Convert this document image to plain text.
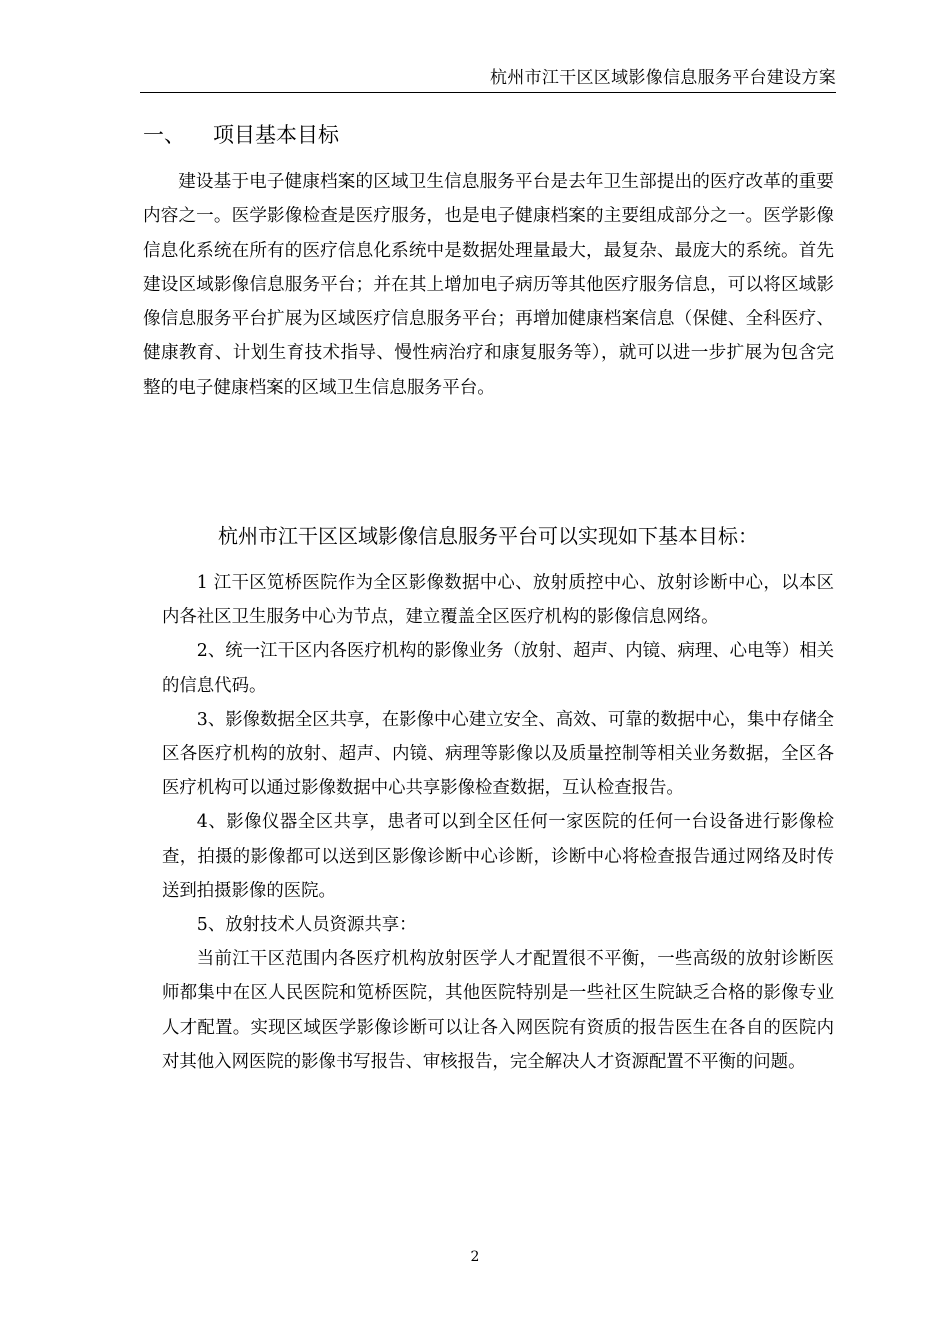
杭州市江干区区域影像信息服务平台建设方案
一、 项目基本目标

建设基于电子健康档案的区域卫生信息服务平台是去年卫生部提出的医疗改革的重要内容之一。医学影像检查是医疗服务，也是电子健康档案的主要组成部分之一。医学影像信息化系统在所有的医疗信息化系统中是数据处理量最大，最复杂、最庞大的系统。首先建设区域影像信息服务平台；并在其上增加电子病历等其他医疗服务信息，可以将区域影像信息服务平台扩展为区域医疗信息服务平台；再增加健康档案信息（保健、全科医疗、健康教育、计划生育技术指导、慢性病治疗和康复服务等），就可以进一步扩展为包含完整的电子健康档案的区域卫生信息服务平台。

杭州市江干区区域影像信息服务平台可以实现如下基本目标：

1 江干区笕桥医院作为全区影像数据中心、放射质控中心、放射诊断中心，以本区内各社区卫生服务中心为节点，建立覆盖全区医疗机构的影像信息网络。

2、统一江干区内各医疗机构的影像业务（放射、超声、内镜、病理、心电等）相关的信息代码。

3、影像数据全区共享，在影像中心建立安全、高效、可靠的数据中心，集中存储全区各医疗机构的放射、超声、内镜、病理等影像以及质量控制等相关业务数据，全区各医疗机构可以通过影像数据中心共享影像检查数据，互认检查报告。

4、影像仪器全区共享，患者可以到全区任何一家医院的任何一台设备进行影像检查，拍摄的影像都可以送到区影像诊断中心诊断，诊断中心将检查报告通过网络及时传送到拍摄影像的医院。

5、放射技术人员资源共享：

当前江干区范围内各医疗机构放射医学人才配置很不平衡，一些高级的放射诊断医师都集中在区人民医院和笕桥医院，其他医院特别是一些社区生院缺乏合格的影像专业人才配置。实现区域医学影像诊断可以让各入网医院有资质的报告医生在各自的医院内对其他入网医院的影像书写报告、审核报告，完全解决人才资源配置不平衡的问题。

2
